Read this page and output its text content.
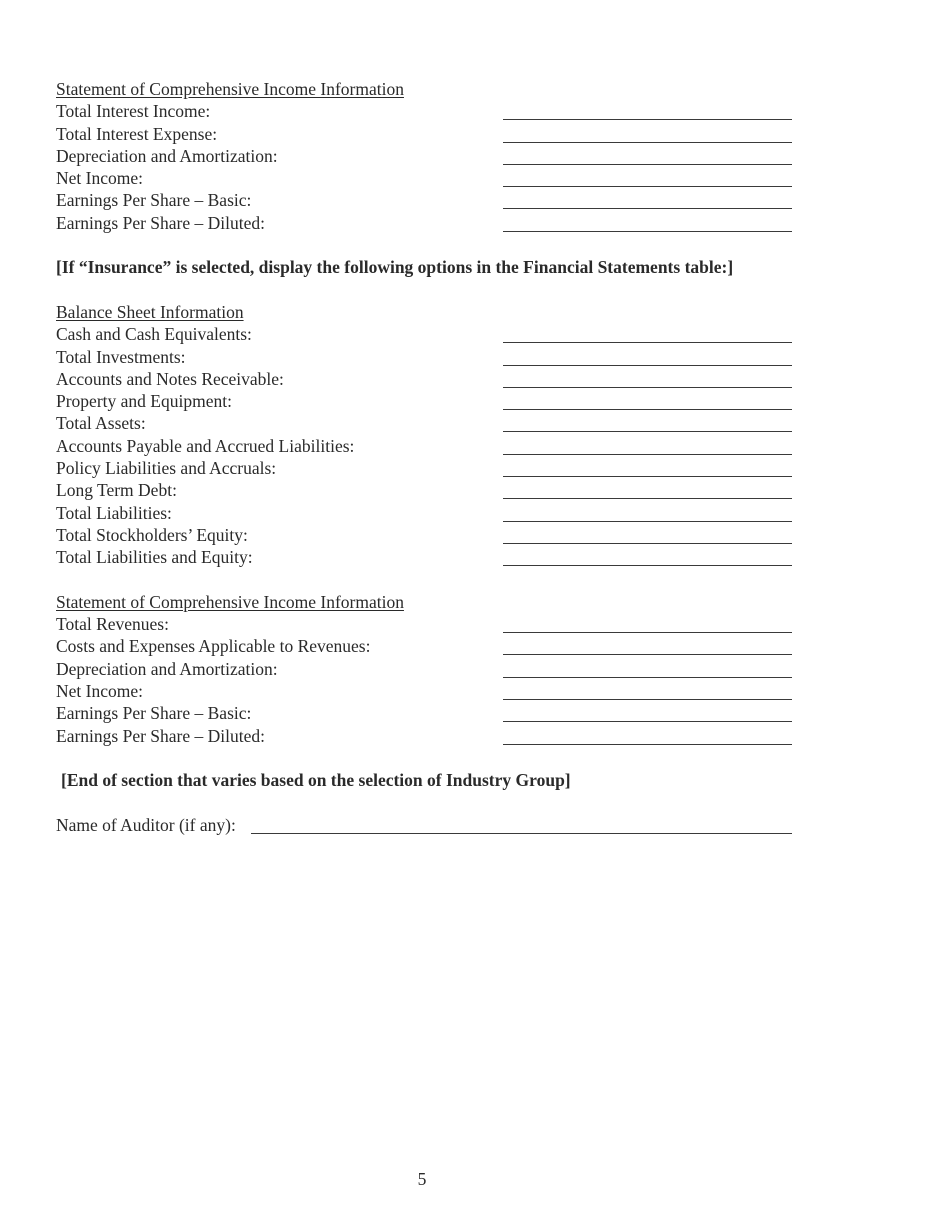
Statement of Comprehensive Income Information
Total Interest Income:
Total Interest Expense:
Depreciation and Amortization:
Net Income:
Earnings Per Share – Basic:
Earnings Per Share – Diluted:
[If “Insurance” is selected, display the following options in the Financial Statements table:]
Balance Sheet Information
Cash and Cash Equivalents:
Total Investments:
Accounts and Notes Receivable:
Property and Equipment:
Total Assets:
Accounts Payable and Accrued Liabilities:
Policy Liabilities and Accruals:
Long Term Debt:
Total Liabilities:
Total Stockholders’ Equity:
Total Liabilities and Equity:
Statement of Comprehensive Income Information
Total Revenues:
Costs and Expenses Applicable to Revenues:
Depreciation and Amortization:
Net Income:
Earnings Per Share – Basic:
Earnings Per Share – Diluted:
[End of section that varies based on the selection of Industry Group]
Name of Auditor (if any):
5
